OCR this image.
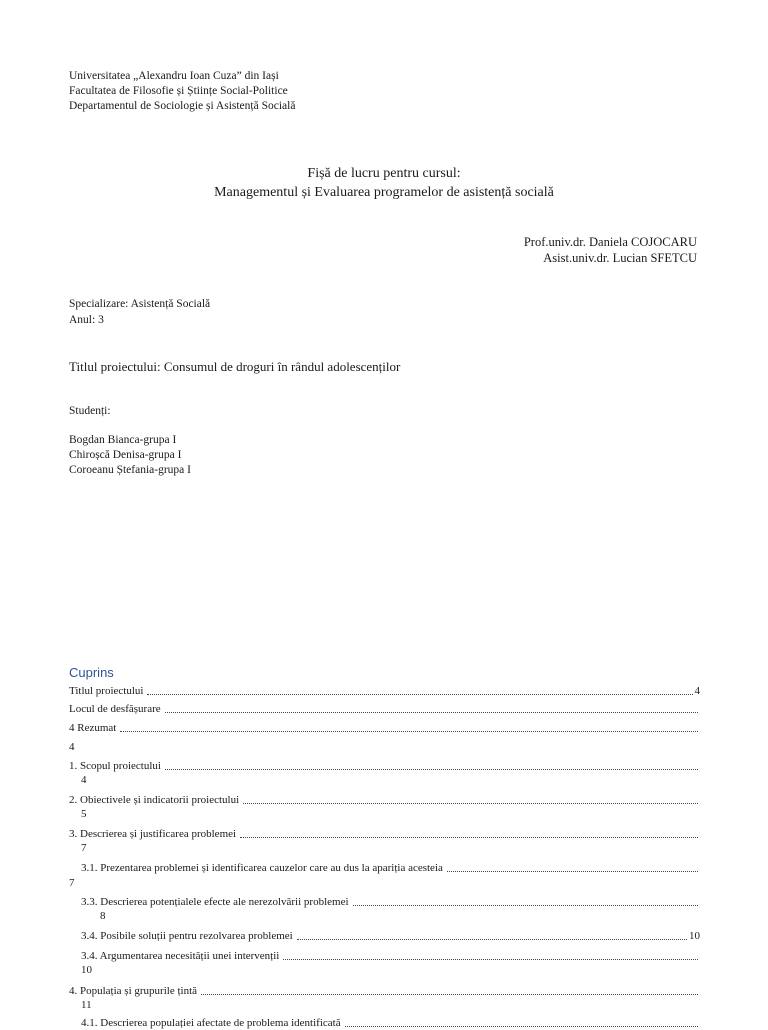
Universitatea „Alexandru Ioan Cuza” din Iași
Facultatea de Filosofie și Științe Social-Politice
Departamentul de Sociologie și Asistență Socială
Fișă de lucru pentru cursul:
Managementul și Evaluarea programelor de asistență socială
Prof.univ.dr. Daniela COJOCARU
Asist.univ.dr. Lucian SFETCU
Specializare: Asistență Socială
Anul: 3
Titlul proiectului: Consumul de droguri în rândul adolescenților
Studenți:
Bogdan Bianca-grupa I
Chiroșcă Denisa-grupa I
Coroeanu Ștefania-grupa I
Cuprins
Titlul proiectului	4
Locul de desfășurare
4 Rezumat
4
1. Scopul proiectului
4
2. Obiectivele și indicatorii proiectului
5
3. Descrierea și justificarea problemei
7
3.1. Prezentarea problemei și identificarea cauzelor care au dus la apariția acesteia
7
3.3. Descrierea potențialele efecte ale nerezolvării problemei
8
3.4. Posibile soluții pentru rezolvarea problemei	10
3.4. Argumentarea necesității unei intervenții
10
4. Populația și grupurile țintă
11
4.1. Descrierea populației afectate de problema identificată
